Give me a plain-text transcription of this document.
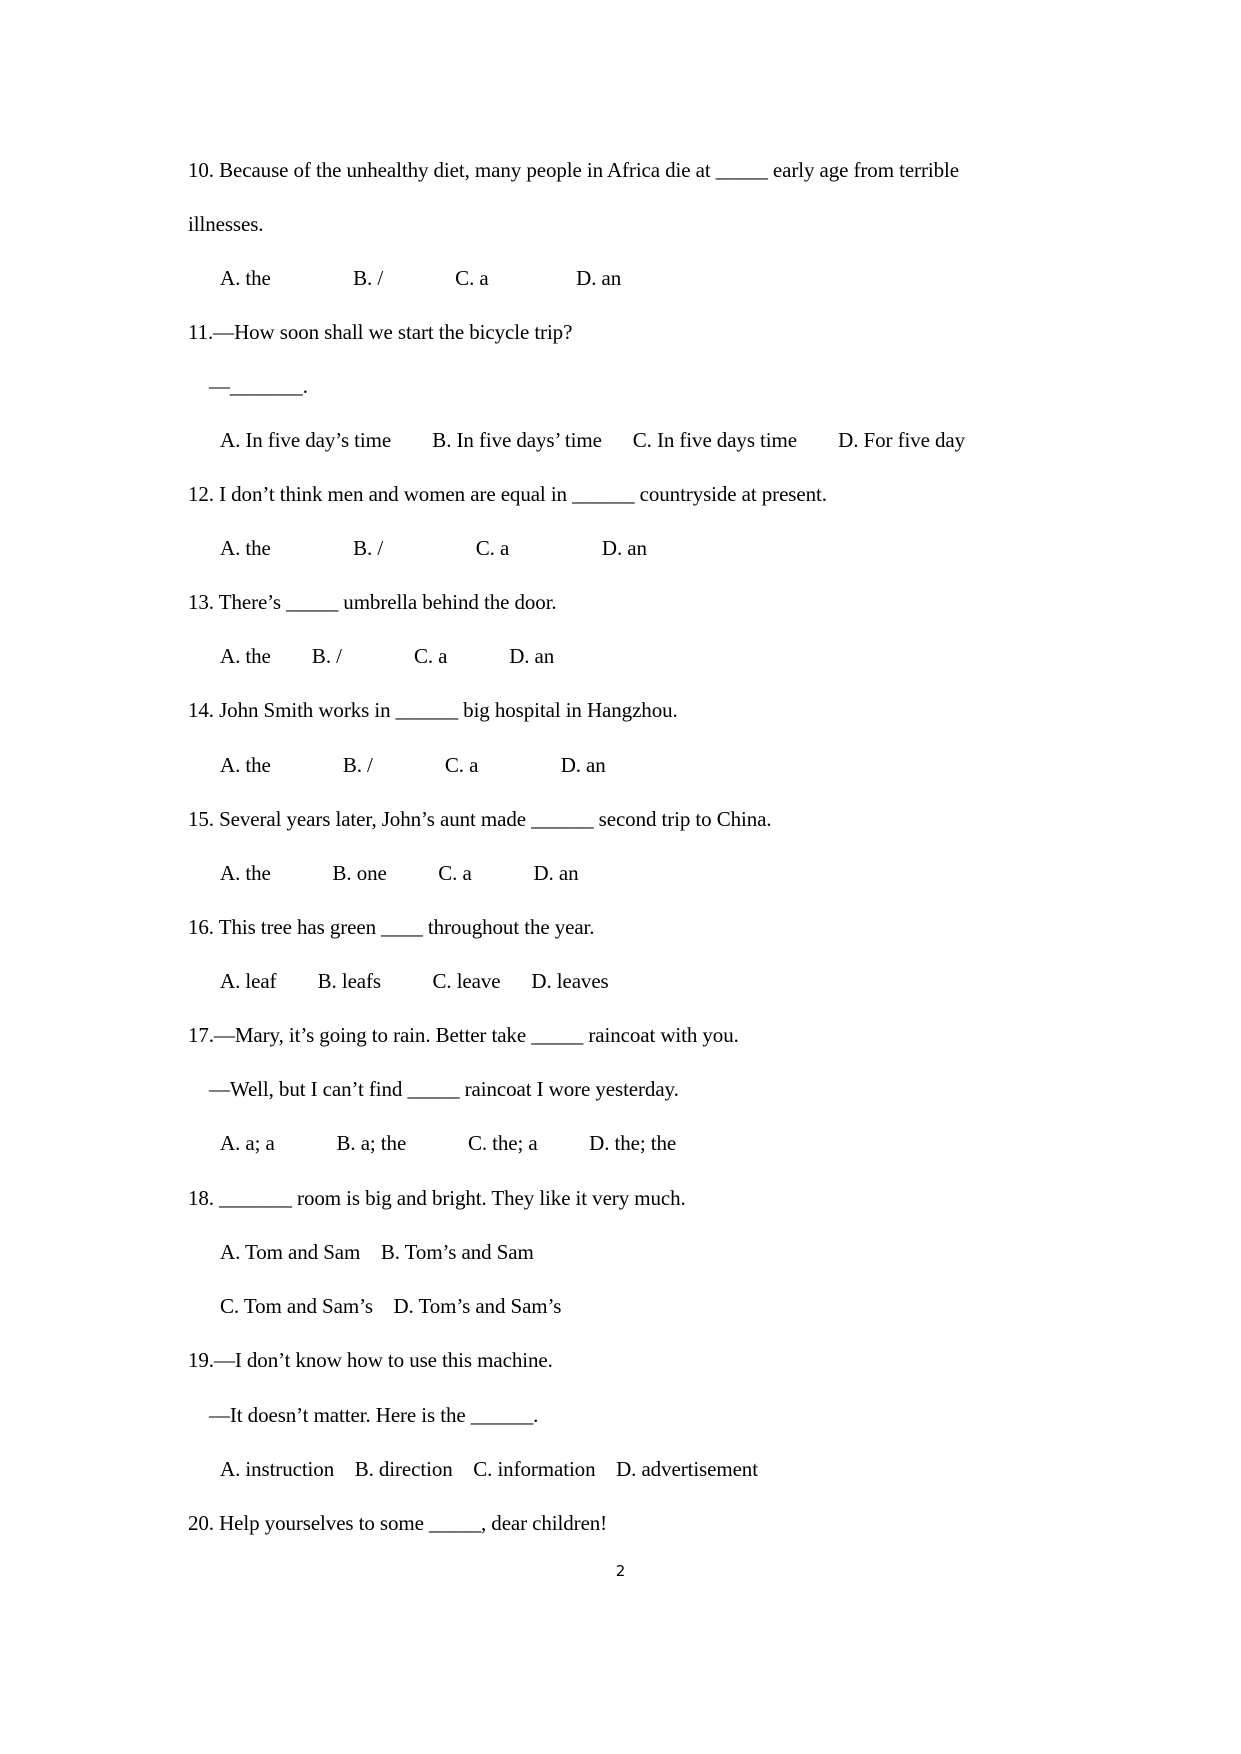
10. Because of the unhealthy diet, many people in Africa die at _____ early age from terrible
illnesses.
A. the                B. /              C. a                 D. an
11.—How soon shall we start the bicycle trip?
—_______.
A. In five day’s time        B. In five days’ time      C. In five days time        D. For five day
12. I don’t think men and women are equal in ______ countryside at present.
A. the                B. /                  C. a                  D. an
13. There’s _____ umbrella behind the door.
A. the        B. /              C. a            D. an
14. John Smith works in ______ big hospital in Hangzhou.
A. the              B. /              C. a                D. an
15. Several years later, John’s aunt made ______ second trip to China.
A. the            B. one          C. a            D. an
16. This tree has green ____ throughout the year.
A. leaf        B. leafs          C. leave      D. leaves
17.—Mary, it’s going to rain. Better take _____ raincoat with you.
—Well, but I can’t find _____ raincoat I wore yesterday.
A. a; a            B. a; the            C. the; a          D. the; the
18. _______ room is big and bright. They like it very much.
A. Tom and Sam    B. Tom’s and Sam
C. Tom and Sam’s    D. Tom’s and Sam’s
19.—I don’t know how to use this machine.
—It doesn’t matter. Here is the ______.
A. instruction    B. direction    C. information    D. advertisement
20. Help yourselves to some _____, dear children!
2
